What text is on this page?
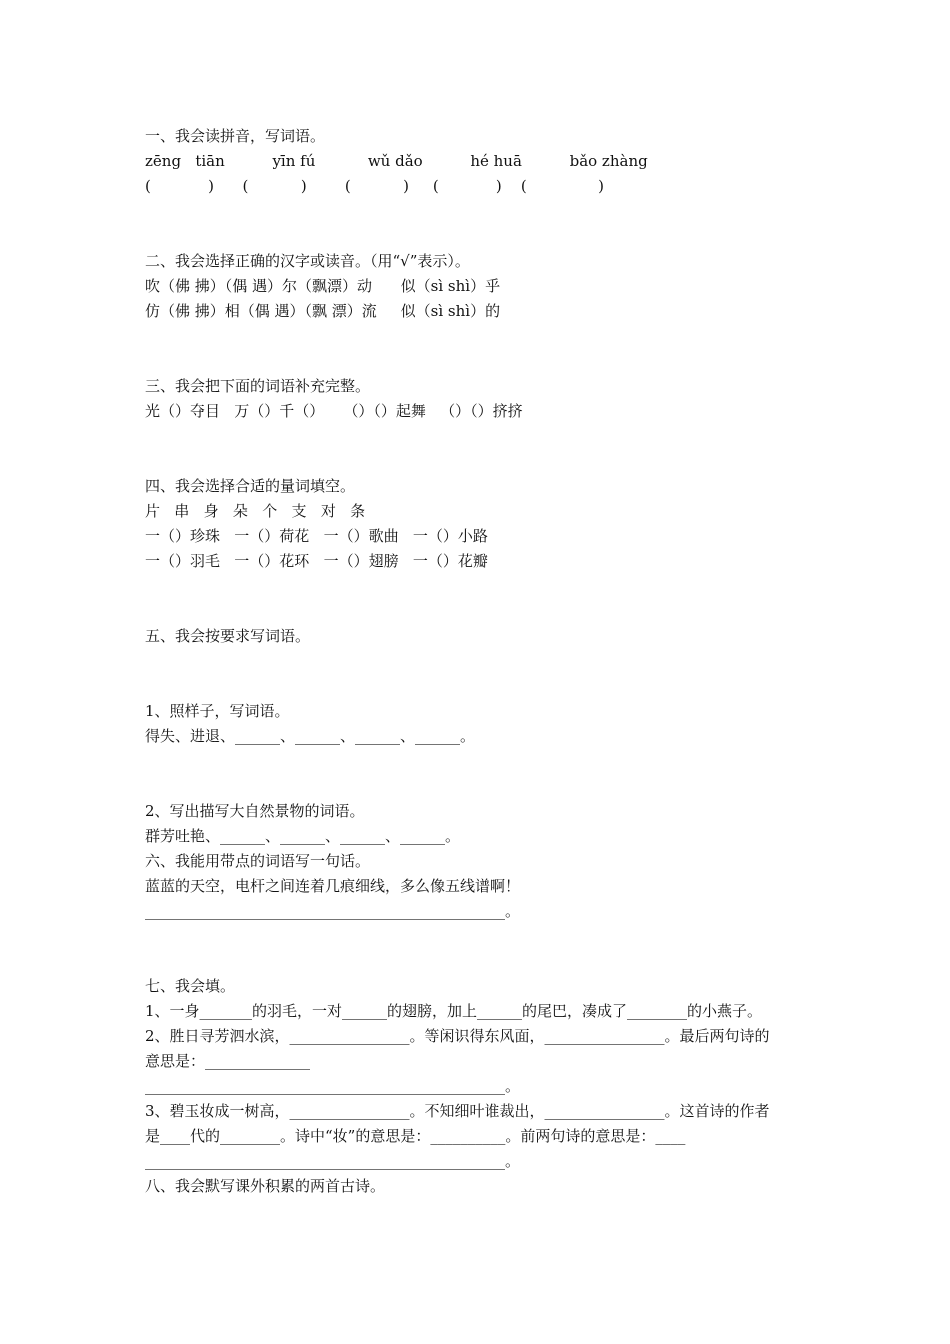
一、我会读拼音，写词语。
zēng   tiān          yīn fú           wǔ dǎo          hé huā          bǎo zhàng
(            )      (           )        (           )     (            )    (               )
二、我会选择正确的汉字或读音。（用“√”表示）。
吹（佛 拂）（偶 遇）尔（飘漂）动      似（sì shì）乎
仿（佛 拂）相（偶 遇）（飘 漂）流     似（sì shì）的
三、我会把下面的词语补充完整。
光（）夺目   万（）千（）    （）（）起舞   （）（）挤挤
四、我会选择合适的量词填空。
片   串   身   朵   个   支   对   条
一（）珍珠   一（）荷花   一（）歌曲   一（）小路
一（）羽毛   一（）花环   一（）翅膀   一（）花瓣
五、我会按要求写词语。
1、照样子，写词语。
得失、进退、______、______、______、______。
2、写出描写大自然景物的词语。
群芳吐艳、______、______、______、______。
六、我能用带点的词语写一句话。
蓝蓝的天空，电杆之间连着几痕细线，多么像五线谱啊！
________________________________________________。
七、我会填。
1、一身_______的羽毛，一对______的翅膀，加上______的尾巴，凑成了________的小燕子。
2、胜日寻芳泗水滨，________________。等闲识得东风面，________________。最后两句诗的
意思是：______________
________________________________________________。
3、碧玉妆成一树高，________________。不知细叶谁裁出，________________。这首诗的作者
是____代的________。诗中“妆”的意思是：__________。前两句诗的意思是：____
________________________________________________。
八、我会默写课外积累的两首古诗。
